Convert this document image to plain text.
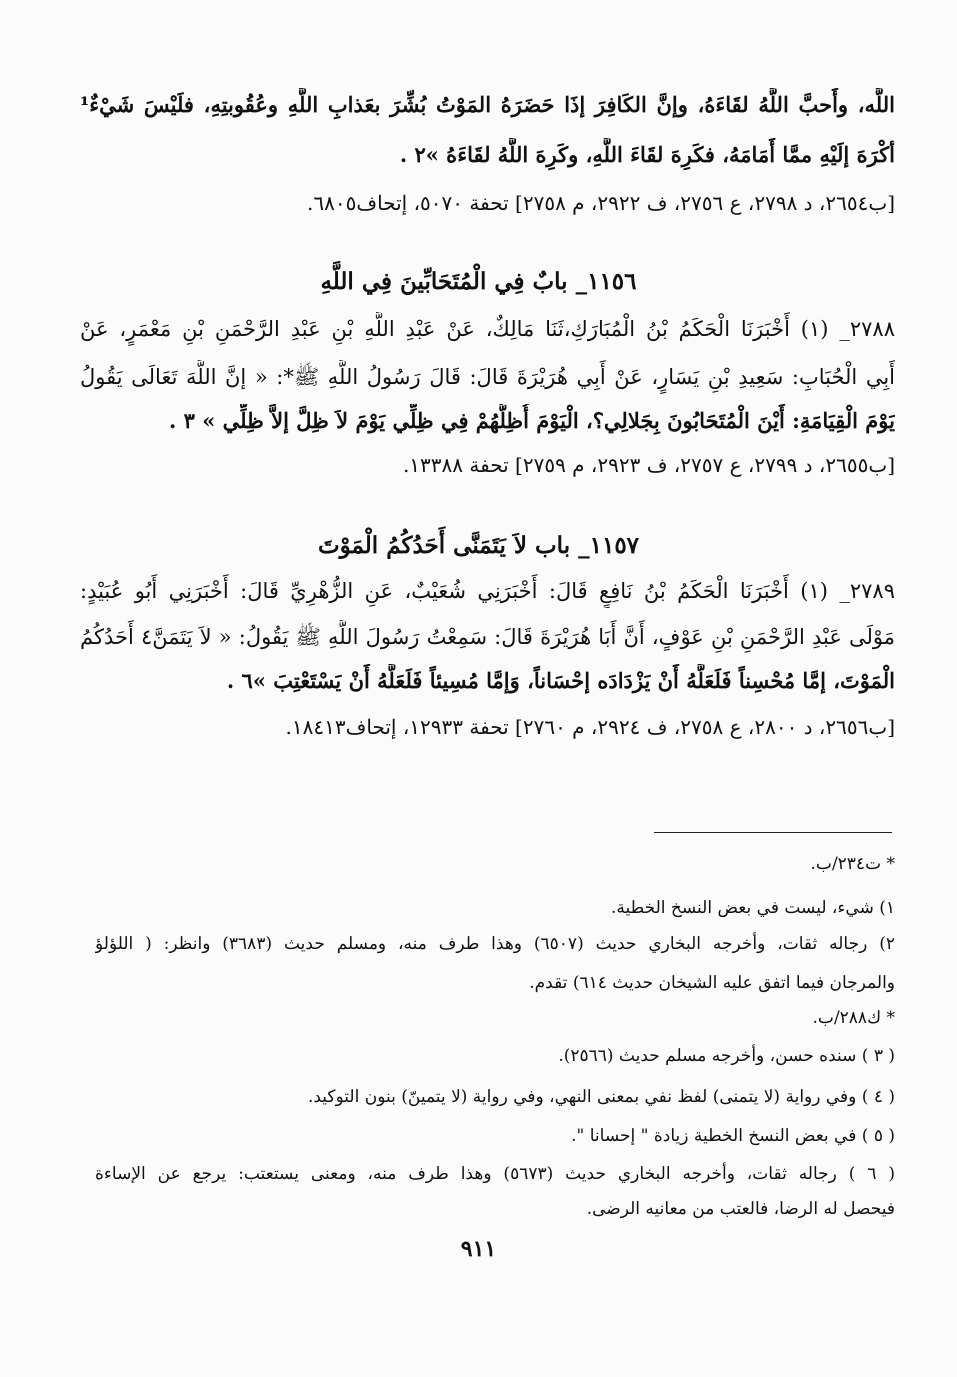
اللَّه، وأَحبَّ اللَّهُ لقَاءَهُ، وإنَّ الكَافِرَ إذَا حَضَرَهُ المَوْتُ بُشِّرَ بعَذابِ اللَّهِ وعُقُوبتِهِ، فلَيْسَ شَيْءٌ¹
أكْرَهَ إلَيْهِ ممَّا أَمَامَهُ، فكَرِهَ لقَاءَ اللَّهِ، وكَرِهَ اللَّهُ لقَاءَهُ »٢ .
[ب٢٦٥٤، د ٢٧٩٨، ع ٢٧٥٦، ف ٢٩٢٢، م ٢٧٥٨] تحفة ٥٠٧٠، إتحاف٦٨٠٥.
١١٥٦_ بابٌ فِي الْمُتَحَابِّينَ فِي اللَّهِ
٢٧٨٨_ (١) أَخْبَرَنَا الْحَكَمُ بْنُ الْمُبَارَكِ،ثَنَا مَالِكٌ، عَنْ عَبْدِ اللَّهِ بْنِ عَبْدِ الرَّحْمَنِ بْنِ مَعْمَرٍ، عَنْ
أَبِي الْحُبَابِ: سَعِيدِ بْنِ يَسَارٍ، عَنْ أَبِي هُرَيْرَةَ قَالَ: قَالَ رَسُولُ اللَّهِ ﷺ*: « إنَّ اللَّهَ تَعَالَى يَقُولُ
يَوْمَ الْقِيَامَةِ: أَيْنَ الْمُتَحَابُونَ بِجَلالِي؟، الْيَوْمَ أُظِلُّهُمْ فِي ظِلِّي يَوْمَ لاَ ظِلَّ إلاَّ ظِلِّي » ٣ .
[ب٢٦٥٥، د ٢٧٩٩، ع ٢٧٥٧، ف ٢٩٢٣، م ٢٧٥٩] تحفة ١٣٣٨٨.
١١٥٧_ باب لاَ يَتَمَنَّى أَحَدُكُمُ الْمَوْتَ
٢٧٨٩_ (١) أَخْبَرَنَا الْحَكَمُ بْنُ نَافِعٍ قَالَ: أَخْبَرَنِي شُعَيْبٌ، عَنِ الزُّهْرِيِّ قَالَ: أَخْبَرَنِي أَبُو عُبَيْدٍ:
مَوْلَى عَبْدِ الرَّحْمَنِ بْنِ عَوْفٍ، أَنَّ أَبَا هُرَيْرَةَ قَالَ: سَمِعْتُ رَسُولَ اللَّهِ ﷺ يَقُولُ: « لاَ يَتَمَنَّ٤ أَحَدُكُمُ
الْمَوْتَ، إمَّا مُحْسِناً فَلَعَلَّهُ أَنْ يَزْدَادَه إحْسَاناً، وَإمَّا مُسِيئاً فَلَعَلَّهُ أَنْ يَسْتَعْتِبَ »٦ .
[ب٢٦٥٦، د ٢٨٠٠، ع ٢٧٥٨، ف ٢٩٢٤، م ٢٧٦٠] تحفة ١٢٩٣٣، إتحاف١٨٤١٣.
* ت٢٣٤/ب.
١) شيء، ليست في بعض النسخ الخطية.
٢) رجاله ثقات، وأخرجه البخاري حديث (٦٥٠٧) وهذا طرف منه، ومسلم حديث (٣٦٨٣) وانظر: ( اللؤلؤ
والمرجان فيما اتفق عليه الشيخان حديث ٦١٤) تقدم.
* ك٢٨٨/ب.
( ٣ ) سنده حسن، وأخرجه مسلم حديث (٢٥٦٦).
( ٤ ) وفي رواية (لا يتمنى) لفظ نفي بمعنى النهي، وفي رواية (لا يتمينّ) بنون التوكيد.
( ٥ ) في بعض النسخ الخطية زيادة " إحسانا ".
( ٦ ) رجاله ثقات، وأخرجه البخاري حديث (٥٦٧٣) وهذا طرف منه، ومعنى يستعتب: يرجع عن الإساءة
فيحصل له الرضا، فالعتب من معانيه الرضى.
٩١١
